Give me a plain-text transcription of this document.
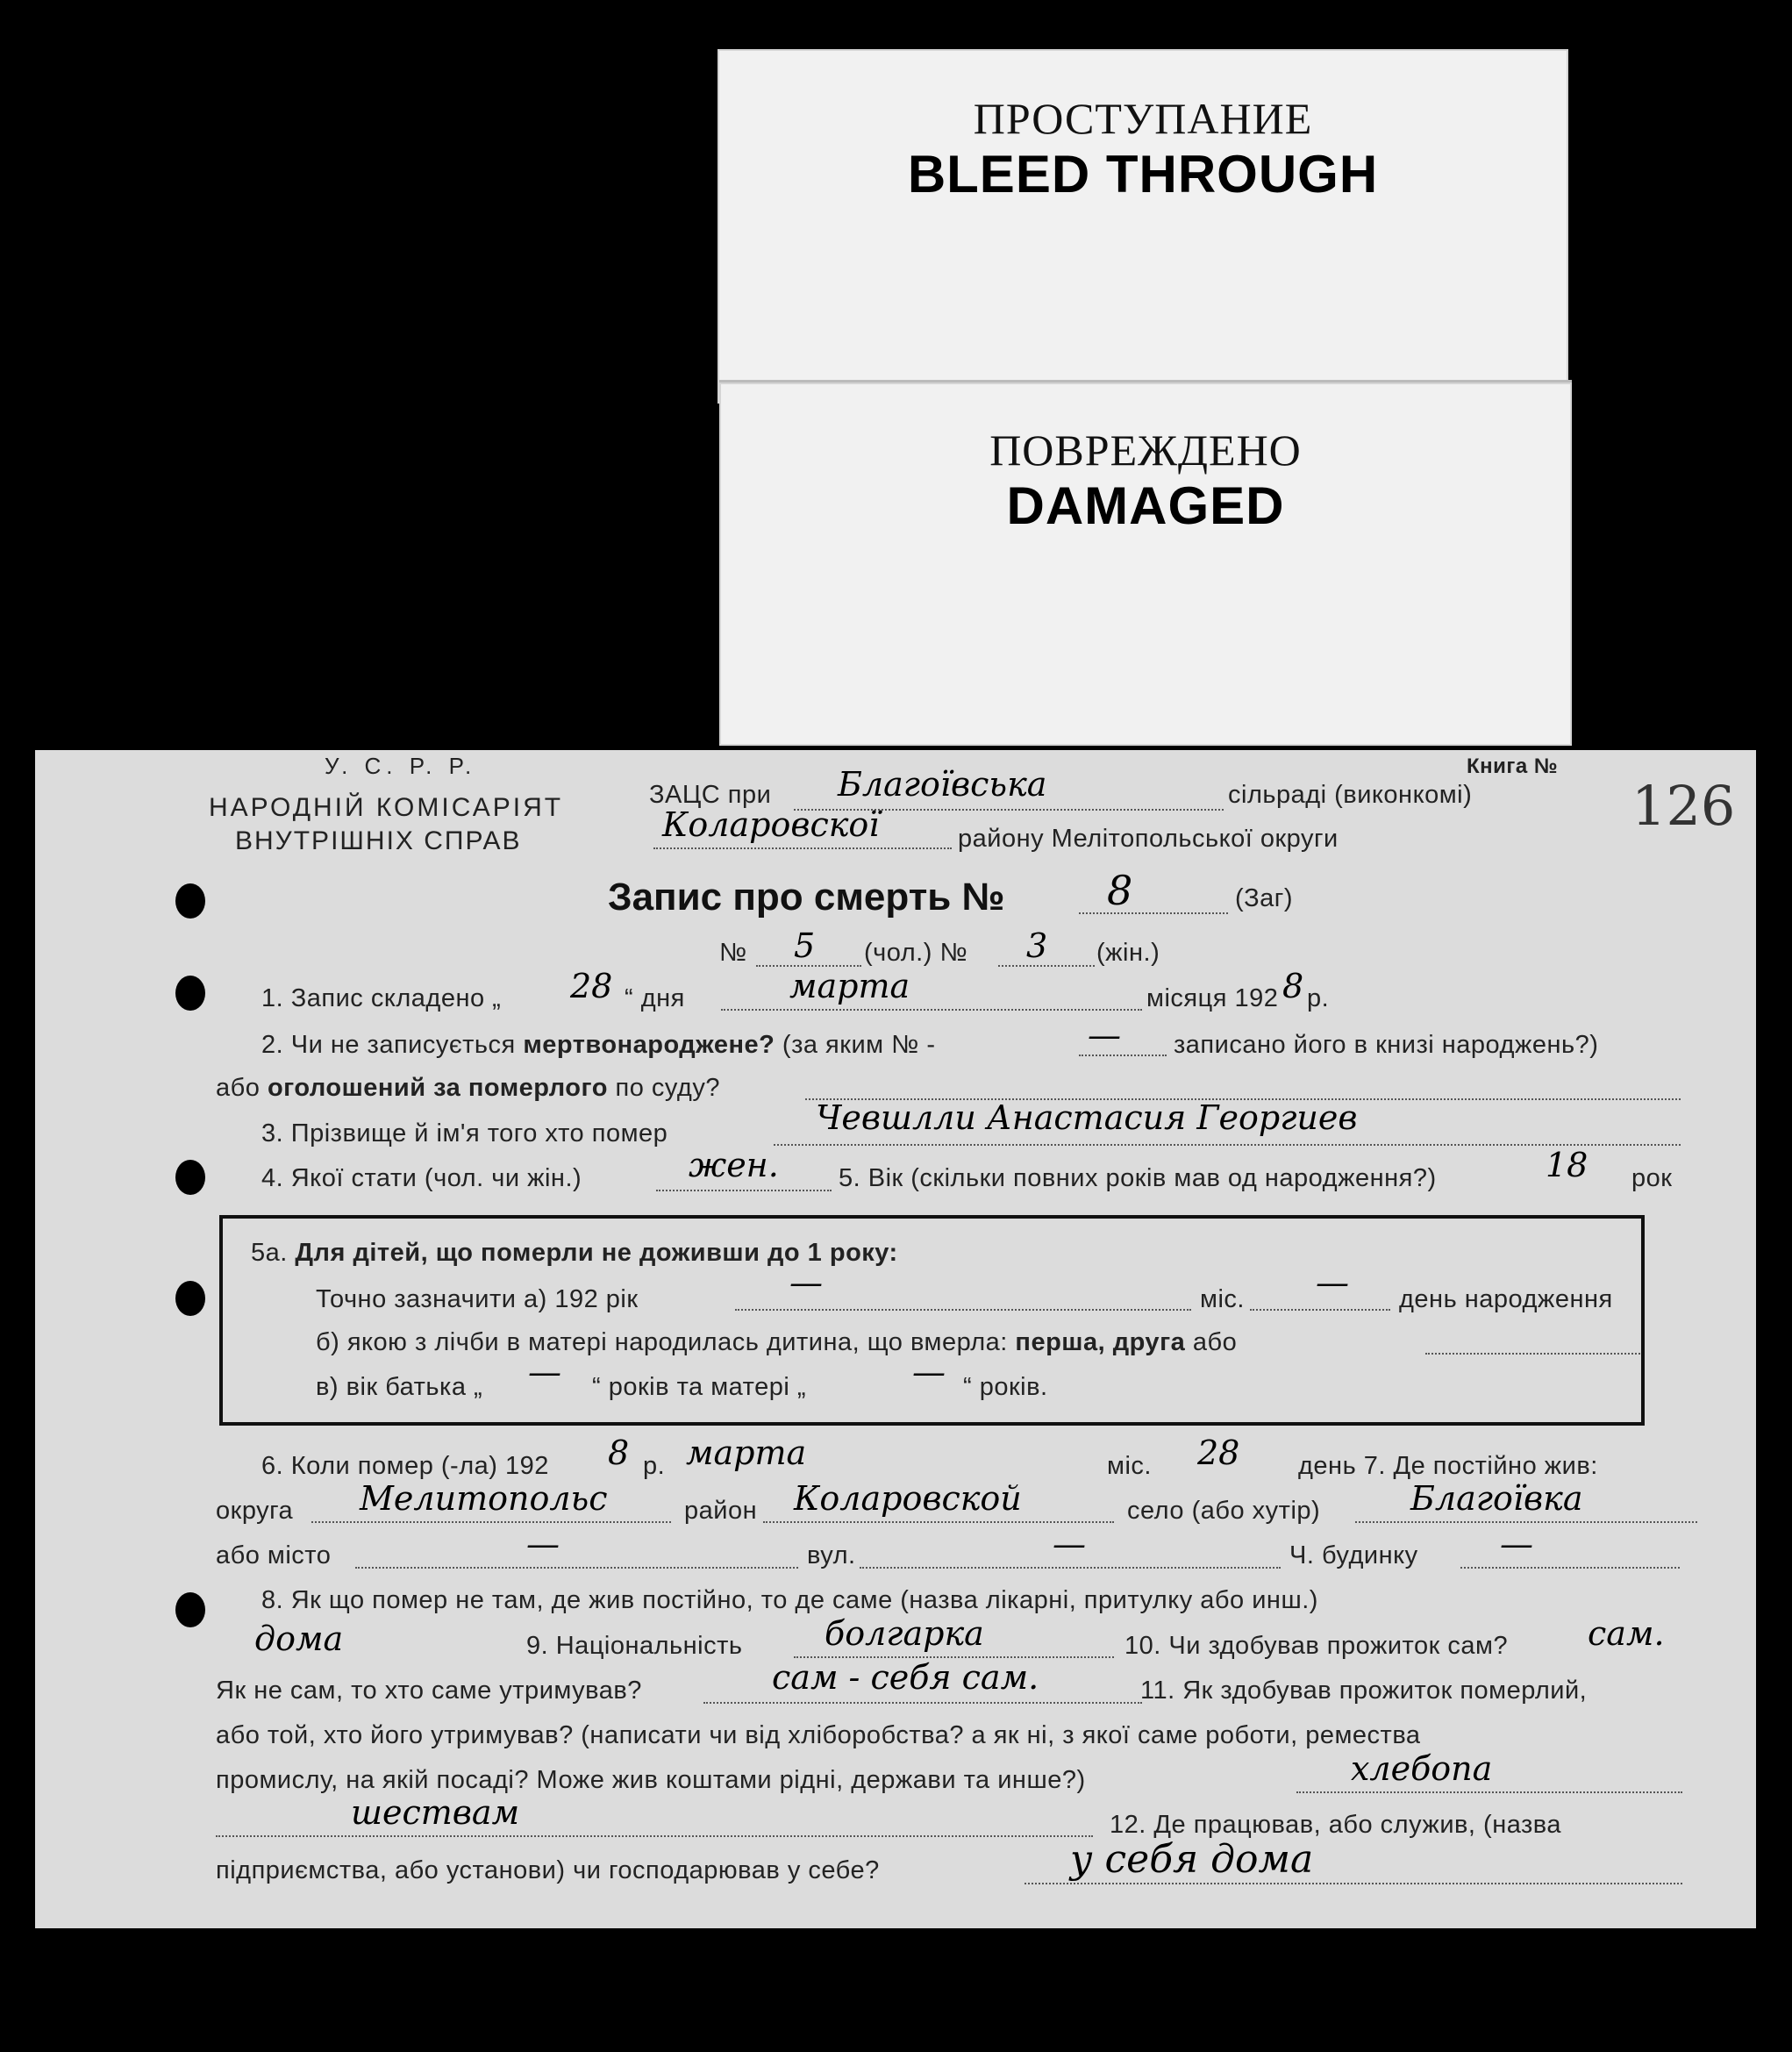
ПРОСТУПАНИЕ
BLEED THROUGH
ПОВРЕЖДЕНО
DAMAGED
У. С. Р. Р.
НАРОДНІЙ КОМІСАРІЯТ
ВНУТРІШНІХ СПРАВ
Книга №
126
ЗАЦС при Благоївська	сільраді (виконкомі)
Коларовскої	району Мелітопольської округи
Запис про смерть №	8	(Заг)
№ 5 (чол.) № 3 (жін.)
1. Запис складено „ 28 “ дня	марта	місяця 192 8 р.
2. Чи не записується мертвонароджене? (за яким № -	— записано його в книзі народжень?)
або оголошений за померлого по суду?
3. Прізвище й ім'я того хто помер	Чевшлли Анастасия Георгиев
4. Якої стати (чол. чи жін.)	жен. 5. Вік (скільки повних років мав од народження?)	18 рок
5а. Для дітей, що померли не доживши до 1 року:
Точно зазначити а) 192 рік	—	міс. — день народження
б) якою з лічби в матері народилась дитина, що вмерла: перша, друга або
в) вік батька „ — “ років та матері „	— “ років.
6. Коли помер (-ла) 192 8 р. марта	міс. 28 день 7. Де постійно жив:
округа Мелитопольс	район Коларовской	село (або хутір)	Благоївка
або місто	—	вул.	—	Ч. будинку —
8. Як що помер не там, де жив постійно, то де саме (назва лікарні, притулку або инш.)
дома	9. Національність болгарка	10. Чи здобував прожиток сам? сам.
Як не сам, то хто саме утримував?	сам - себя сам.	11. Як здобував прожиток померлий,
або той, хто його утримував? (написати чи від хліборобства? а як ні, з якої саме роботи, ремества
промислу, на якій посаді? Може жив коштами рідні, держави та инше?)	хлебопа
шествам	12. Де працював, або служив, (назва
підприємства, або установи) чи господарював у себе?	у себя дома
